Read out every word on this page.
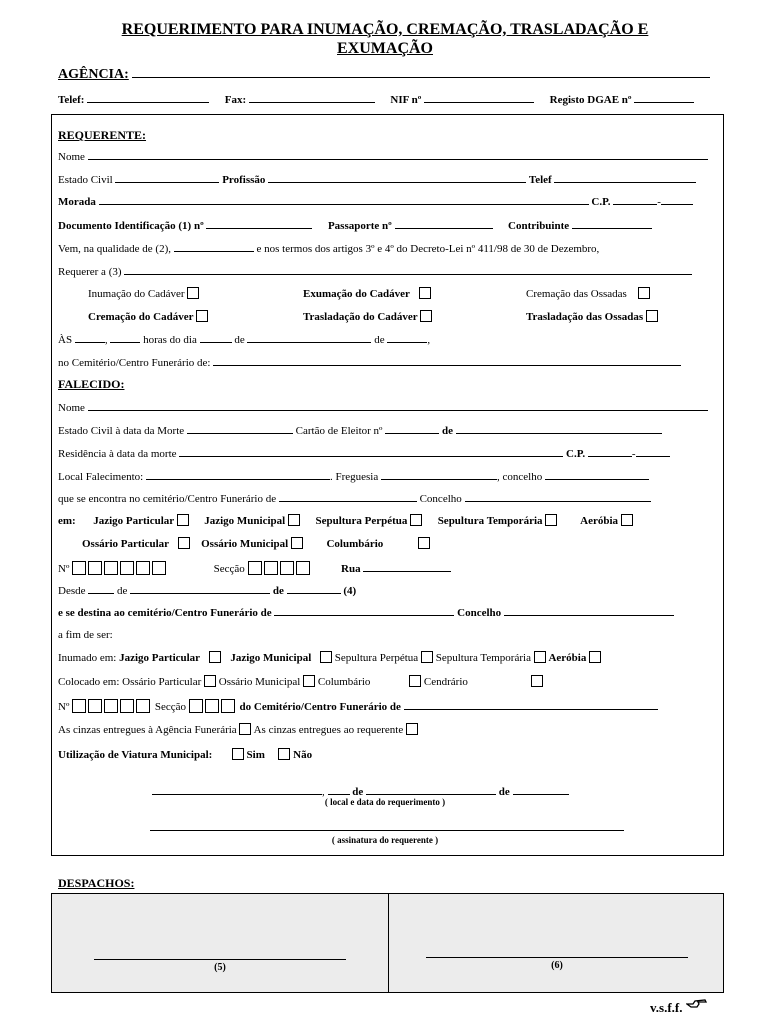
REQUERIMENTO PARA INUMAÇÃO, CREMAÇÃO, TRASLADAÇÃO E
EXUMAÇÃO
AGÊNCIA:
Telef:	Fax:	NIF nº	Registo DGAE nº
REQUERENTE:
Nome
Estado Civil	Profissão	Telef
Morada	C.P.	-
Documento Identificação (1) nº	Passaporte nº	Contribuinte
Vem, na qualidade de (2),	e nos termos dos artigos 3º e 4º do Decreto-Lei nº 411/98 de 30 de Dezembro,
Requerer a (3)
Inumação do Cadáver	Exumação do Cadáver	Cremação das Ossadas
Cremação do Cadáver	Trasladação do Cadáver	Trasladação das Ossadas
ÀS	,	horas do dia	de	de	,
no Cemitério/Centro Funerário de:
FALECIDO:
Nome
Estado Civil à data da Morte	Cartão de Eleitor nº	de
Residência à data da morte	C.P.	-
Local Falecimento:	. Freguesia	, concelho
que se encontra no cemitério/Centro Funerário de	Concelho
em: Jazigo Particular	Jazigo Municipal	Sepultura Perpétua	Sepultura Temporária	Aeróbia
Ossário Particular	Ossário Municipal	Columbário
Nº	Secção	Rua
Desde	de	de	(4)
e se destina ao cemitério/Centro Funerário de	Concelho
a fim de ser:
Inumado em: Jazigo Particular	Jazigo Municipal Sepultura Perpétua Sepultura Temporária Aeróbia
Colocado em: Ossário Particular Ossário Municipal Columbário	Cendrário
Nº	Secção	do Cemitério/Centro Funerário de
As cinzas entregues à Agência Funerária As cinzas entregues ao requerente
Utilização de Viatura Municipal:	Sim	Não
,  de	de
( local e data do requerimento )
( assinatura do requerente )
DESPACHOS:
(5)	(6)
v.s.f.f.
